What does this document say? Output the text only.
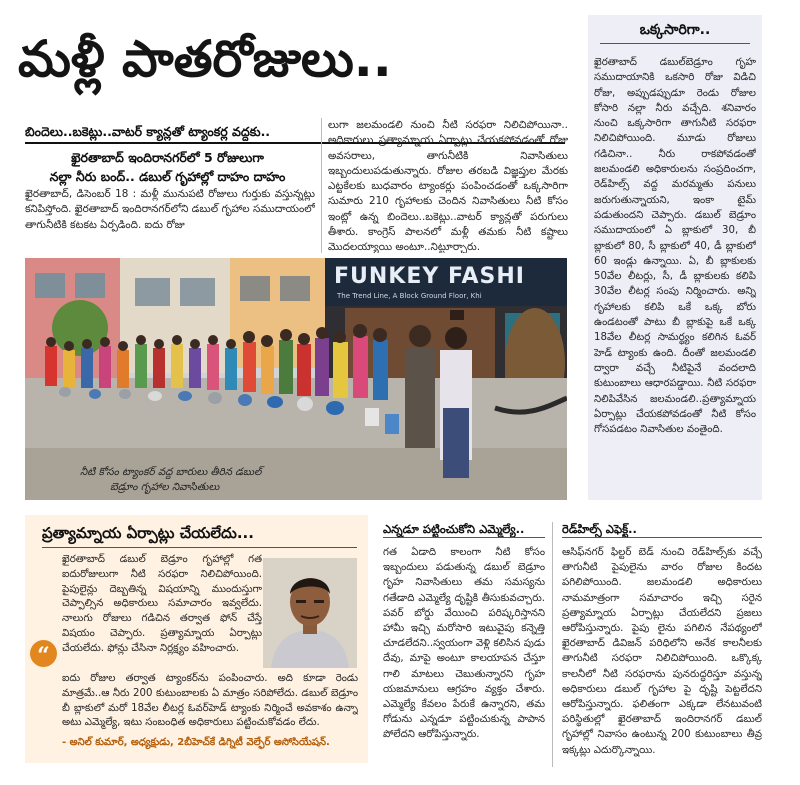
మళ్లీ పాతరోజులు..
బిందెలు..బకెట్లు..వాటర్‌ క్యాన్లతో ట్యాంకర్ల వద్దకు..
ఖైరతాబాద్‌ ఇందిరానగర్‌లో 5 రోజులుగా
నల్లా నీరు బంద్‌.. డబుల్‌ గృహాల్లో దాహం దాహం
ఖైరతాబాద్‌, డిసెంబర్‌ 18 : మళ్లీ మునుపటి రోజులు గుర్తుకు వస్తున్నట్లు కనిపిస్తోంది. ఖైరతాబాద్‌ ఇందిరానగర్‌లోని డబుల్‌ గృహాల సముదాయంలో తాగునీటికి కటకట ఏర్పడింది. ఐదు రోజు
లుగా జలమండలి నుంచి నీటి సరఫరా నిలిచిపోయినా.. అధికారులు ప్రత్యామ్నాయ ఏర్పాట్లు చేయకపోవడంతో రోజు అవసరాలు, తాగునీటికి నివాసితులు ఇబ్బందులుపడుతున్నారు. రోజుల తరబడి విజ్ఞప్తుల మేరకు ఎట్టకేలకు బుధవారం ట్యాంకర్లు పంపించడంతో ఒక్కసారిగా సుమారు 210 గృహాలకు చెందిన నివాసితులు నీటి కోసం ఇంట్లో ఉన్న బిందెలు..బకెట్లు..వాటర్‌ క్యాన్లతో పరుగులు తీశారు. కాంగ్రెస్‌ పాలనలో మళ్లీ తమకు నీటి కష్టాలు మొదలయ్యాయి అంటూ..నిట్టూర్చారు.
FUNKEY FASHI
The Trend Line, A Block Ground Floor, Khi
నీటి కోసం ట్యాంకర్‌ వద్ద బారులు తీరిన డబుల్‌
బెడ్రూం గృహాల నివాసితులు
ఒక్కసారిగా..
ఖైరతాబాద్‌ డబుల్‌బెడ్రూం గృహ సముదాయానికి ఒకసారి రోజు విడిచి రోజు, అప్పుడప్పుడూ రెండు రోజుల కోసారి నల్లా నీరు వచ్చేది. శనివారం నుంచి ఒక్కసారిగా తాగునీటి సరఫరా నిలిచిపోయింది. మూడు రోజులు గడిచినా.. నీరు రాకపోవడంతో జలమండలి అధికారులను సంప్రదించగా, రెడ్‌హిల్స్‌ వద్ద మరమ్మతు పనులు జరుగుతున్నాయని, ఇంకా టైమ్‌ పడుతుందని చెప్పారు. డబుల్‌ బెడ్రూం సముదాయంలో ఏ బ్లాకులో 30, బీ బ్లాకులో 80, సీ బ్లాకులో 40, డీ బ్లాకులో 60 ఇండ్లు ఉన్నాయి. ఏ, బీ బ్లాకులకు 50వేల లీటర్లు, సీ, డీ బ్లాకులకు కలిపి 30వేల లీటర్ల సంపు నిర్మించారు. అన్ని గృహాలకు కలిపి ఒకే ఒక్క బోరు ఉండటంతో పాటు బీ బ్లాకుపై ఒకే ఒక్క 18వేల లీటర్ల సామర్థ్యం కలిగిన ఓవర్‌ హెడ్‌ ట్యాంకు ఉంది. దీంతో జలమండలి ద్వారా వచ్చే నీటిపైనే వందలాది కుటుంబాలు ఆధారపడ్డాయి. నీటి సరఫరా నిలిపివేసిన జలమండలి..ప్రత్యామ్నాయ ఏర్పాట్లు చేయకపోవడంతో నీటి కోసం గోసపడటం నివాసితుల వంతైంది.
ప్రత్యామ్నాయ ఏర్పాట్లు చేయలేదు...
“
ఖైరతాబాద్‌ డబుల్‌ బెడ్రూం గృహాల్లో గత ఐదురోజులుగా నీటి సరఫరా నిలిచిపోయింది. పైపులైన్లు దెబ్బతిన్న విషయాన్ని ముందుస్తుగా చెప్పాల్సిన అధికారులు సమాచారం ఇవ్వలేదు. నాలుగు రోజులు గడిచిన తర్వాత ఫోన్‌ చేస్తే విషయం చెప్పారు. ప్రత్యామ్నాయ ఏర్పాట్లు చేయలేదు. ఫోన్లు చేసినా నిర్లక్ష్యం వహించారు.
ఐదు రోజుల తర్వాత ట్యాంకర్‌ను పంపించారు. అది కూడా రెండు మాత్రమే..ఆ నీరు 200 కుటుంబాలకు ఏ మాత్రం సరిపోలేదు. డబుల్‌ బెడ్రూం బీ బ్లాకులో మరో 18వేల లీటర్ల ఓవర్‌హెడ్‌ ట్యాంకు నిర్మించే అవకాశం ఉన్నా అటు ఎమ్మెల్యే, ఇటు సంబంధిత అధికారులు పట్టించుకోవడం లేదు.
- అనిల్‌ కుమార్‌, అధ్యక్షుడు, 2బీహెచ్‌కే డిగ్నిటీ వెల్ఫేర్‌ అసోసియేషన్‌.
ఎన్నడూ పట్టించుకోని ఎమ్మెల్యే..
గత ఏడాది కాలంగా నీటి కోసం ఇబ్బందులు పడుతున్న డబుల్‌ బెడ్రూం గృహ నివాసితులు తమ సమస్యను గతేడాది ఎమ్మెల్యే దృష్టికి తీసుకువచ్చారు. పవర్‌ బోర్డు వేయించి పరిష్కరిస్తానని హామీ ఇచ్చి మరోసారి ఇటువైపు కన్నెత్తి చూడలేదని..స్వయంగా వెళ్లి కలిసిన పుడు దేవు, మాపై అంటూ కాలయాపన చేస్తూ గాలి మాటలు చెబుతున్నారని గృహ యజమానులు ఆగ్రహం వ్యక్తం చేశారు. ఎమ్మెల్యే కేవలం పేరుకే ఉన్నారని, తమ గోడును ఎన్నడూ పట్టించుకున్న పాపాన పోలేదని ఆరోపిస్తున్నారు.
రెడ్‌హిల్స్‌ ఎఫెక్ట్‌..
ఆసిఫ్‌నగర్‌ ఫిల్టర్‌ బెడ్‌ నుంచి రెడ్‌హిల్స్‌కు వచ్చే తాగునీటి పైపులైను వారం రోజుల కిందట పగిలిపోయింది. జలమండలి అధికారులు నామమాత్రంగా సమాచారం ఇచ్చి సరైన ప్రత్యామ్నాయ ఏర్పాట్లు చేయలేదని ప్రజలు ఆరోపిస్తున్నారు. పైపు లైను పగిలిన నేపథ్యంలో ఖైరతాబాద్‌ డివిజన్‌ పరిధిలోని అనేక కాలనీలకు తాగునీటి సరఫరా నిలిచిపోయింది. ఒక్కొక్క కాలనీలో నీటి సరఫరాను పునరుద్ధరిస్తూ వస్తున్న అధికారులు డబుల్‌ గృహాల పై దృష్టి పెట్టలేదని ఆరోపిస్తున్నారు. ఫలితంగా ఎక్కడా లేనటువంటి పరిస్థితుల్లో ఖైరతాబాద్‌ ఇందిరానగర్‌ డబుల్‌ గృహాల్లో నివాసం ఉంటున్న 200 కుటుంబాలు తీవ్ర ఇక్కట్లు ఎదుర్కొన్నాయి.
